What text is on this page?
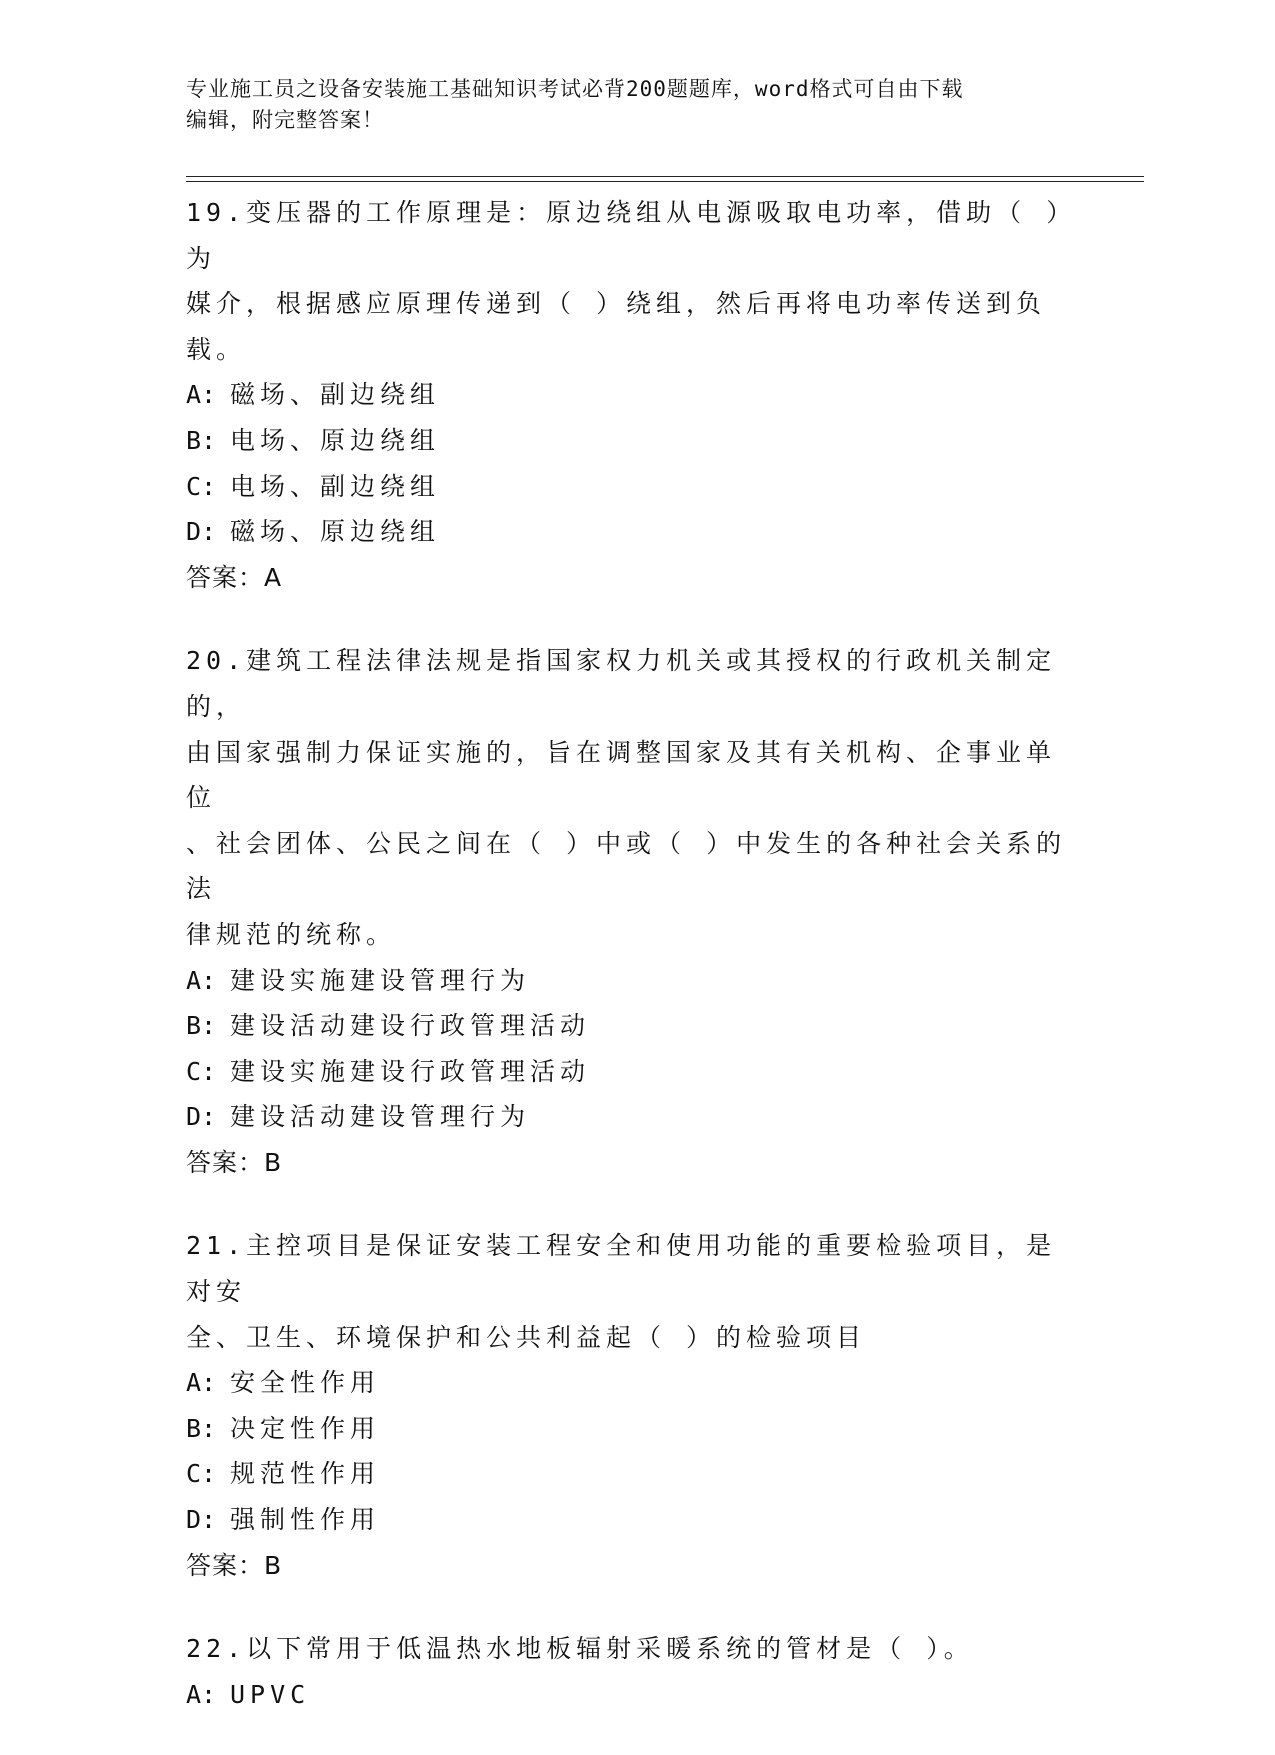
专业施工员之设备安装施工基础知识考试必背200题题库，word格式可自由下载
编辑，附完整答案！

19.变压器的工作原理是：原边绕组从电源吸取电功率，借助（ ）为

媒介，根据感应原理传递到（ ）绕组，然后再将电功率传送到负载。

A: 磁场、副边绕组

B: 电场、原边绕组

C: 电场、副边绕组

D: 磁场、原边绕组

答案：A

20.建筑工程法律法规是指国家权力机关或其授权的行政机关制定的，

由国家强制力保证实施的，旨在调整国家及其有关机构、企事业单位

、社会团体、公民之间在（ ）中或（ ）中发生的各种社会关系的法

律规范的统称。

A: 建设实施建设管理行为

B: 建设活动建设行政管理活动

C: 建设实施建设行政管理活动

D: 建设活动建设管理行为

答案：B

21.主控项目是保证安装工程安全和使用功能的重要检验项目，是对安

全、卫生、环境保护和公共利益起（ ）的检验项目

A: 安全性作用

B: 决定性作用

C: 规范性作用

D: 强制性作用

答案：B

22.以下常用于低温热水地板辐射采暖系统的管材是（ ）。

A: UPVC
